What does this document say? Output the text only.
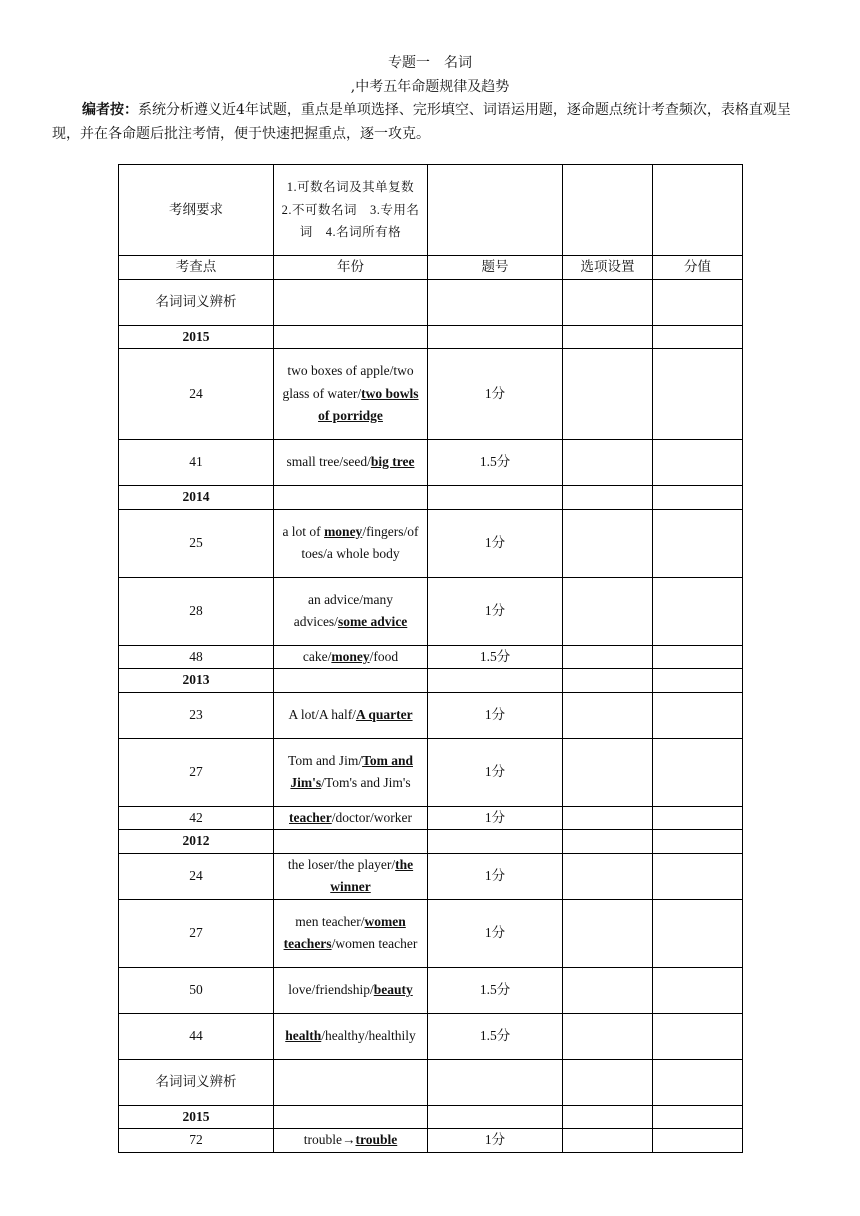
专题一　名词
,中考五年命题规律及趋势
编者按：系统分析遵义近4年试题，重点是单项选择、完形填空、词语运用题，逐命题点统计考查频次，表格直观呈现，并在各命题后批注考情，便于快速把握重点，逐一攻克。
考纲要求	1.可数名词及其单复数　2.不可数名词　3.专用名词　4.名词所有格			
考查点	年份	题号	选项设置	分值
名词词义辨析				
2015				
24	two boxes of apple/two glass of water/two bowls of porridge	1分		
41	small tree/seed/big tree	1.5分		
2014				
25	a lot of money/fingers/of toes/a whole body	1分		
28	an advice/many advices/some advice	1分		
48	cake/money/food	1.5分		
2013				
23	A lot/A half/A quarter	1分		
27	Tom and Jim/Tom and Jim's/Tom's and Jim's	1分		
42	teacher/doctor/worker	1分		
2012				
24	the loser/the player/the winner	1分		
27	men teacher/women teachers/women teacher	1分		
50	love/friendship/beauty	1.5分		
44	health/healthy/healthily	1.5分		
名词词义辨析				
2015				
72	trouble→trouble	1分		
